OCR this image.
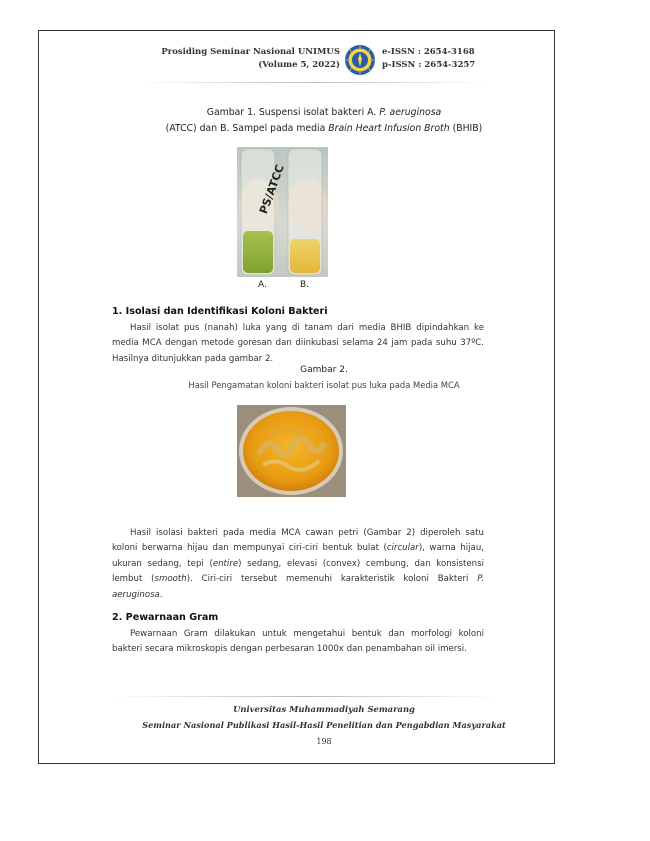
Prosiding Seminar Nasional UNIMUS
(Volume 5, 2022)
e-ISSN : 2654-3168
p-ISSN : 2654-3257
Gambar 1. Suspensi isolat bakteri A. P. aeruginosa
(ATCC) dan B. Sampel pada media Brain Heart Infusion Broth (BHIB)
PS/ATCC
A.	B.
1. Isolasi dan Identifikasi Koloni Bakteri

Hasil isolat pus (nanah) luka yang di tanam dari media BHIB dipindahkan ke media MCA dengan metode goresan dan diinkubasi selama 24 jam pada suhu 37ºC. Hasilnya ditunjukkan pada gambar 2.

Gambar 2.
Hasil Pengamatan koloni bakteri isolat pus luka pada Media MCA

Hasil isolasi bakteri pada media MCA cawan petri (Gambar 2) diperoleh satu koloni berwarna hijau dan mempunyai ciri-ciri bentuk bulat (circular), warna hijau, ukuran sedang, tepi (entire) sedang, elevasi (convex) cembung, dan konsistensi lembut (smooth). Ciri-ciri tersebut memenuhi karakteristik koloni Bakteri P. aeruginosa.

2. Pewarnaan Gram

Pewarnaan Gram dilakukan untuk mengetahui bentuk dan morfologi koloni bakteri secara mikroskopis dengan perbesaran 1000x dan penambahan oil imersi.

Universitas Muhammadiyah Semarang
Seminar Nasional Publikasi Hasil-Hasil Penelitian dan Pengabdian Masyarakat
198
